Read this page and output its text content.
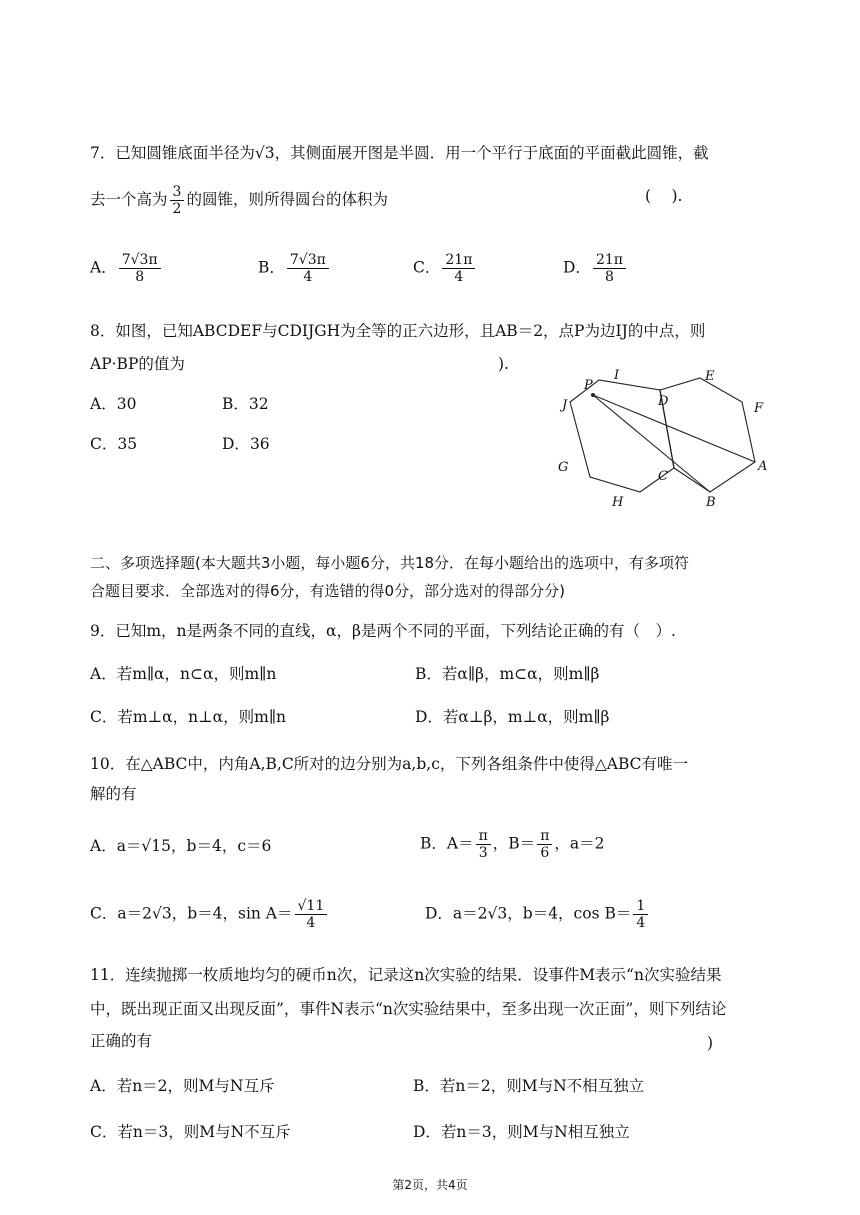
7．已知圆锥底面半径为√3，其侧面展开图是半圆．用一个平行于底面的平面截此圆锥，截
去一个高为 $\frac{3}{2}$ 的圆锥，则所得圆台的体积为	(　 ).
A． $\frac{7√3\pi}{8}$	B． $\frac{7√3\pi}{4}$	C． $\frac{21\pi}{4}$	D． $\frac{21\pi}{8}$
8．如图，已知ABCDEF与CDIJGH为全等的正六边形，且AB＝2，点P为边IJ的中点，则
AP·BP的值为	).
A．30	B．32
C．35	D．36
P
I
J	D
E
F
G
C
A
H	B
二、多项选择题(本大题共3小题，每小题6分，共18分．在每小题给出的选项中，有多项符
合题目要求．全部选对的得6分，有选错的得0分，部分选对的得部分分)
9．已知m，n是两条不同的直线，α，β是两个不同的平面，下列结论正确的有（　）.
A．若m∥α，n⊂α，则m∥n	B．若α∥β，m⊂α，则m∥β
C．若m⊥α，n⊥α，则m∥n	D．若α⊥β，m⊥α，则m∥β
10．在△ABC中，内角A,B,C所对的边分别为a,b,c，下列各组条件中使得△ABC有唯一
解的有
A．a＝√15，b＝4，c＝6	B．$A= \frac{\pi}{3}$ ，$B= \frac{\pi}{6}$ ，a＝2
C．a＝2√3，b＝4，$\sin A= \frac{√11}{4}$	D．a＝2√3，b＝4，$\cos B= \frac{1}{4}$
11．连续抛掷一枚质地均匀的硬币n次，记录这n次实验的结果．设事件M表示“n次实验结果
中，既出现正面又出现反面”，事件N表示“n次实验结果中，至多出现一次正面”，则下列结论
正确的有	)
A．若n＝2，则M与N互斥	B．若n＝2，则M与N不相互独立
C．若n＝3，则M与N不互斥	D．若n＝3，则M与N相互独立
第2页，共4页
